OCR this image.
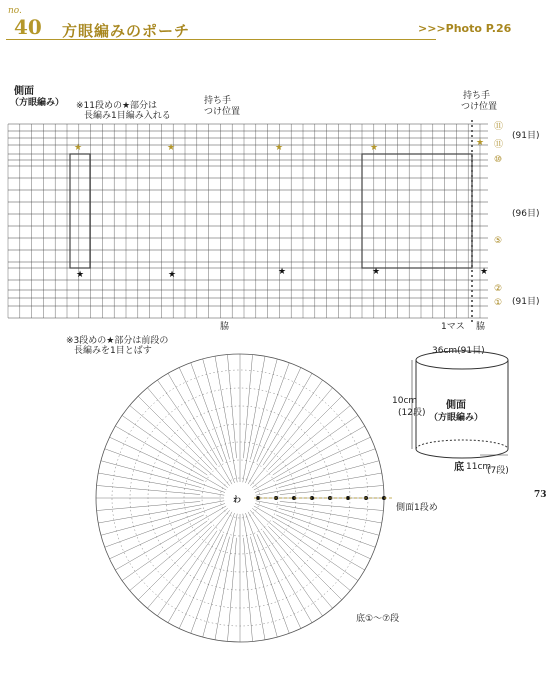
no.
40 方眼編みのポーチ	>>>Photo P.26
★	★	★	★	★
★	★	★	★	★
側面
（方眼編み） ※11段めの★部分は
長編み1目編み入れる
持ち手
つけ位置
持ち手
つけ位置
⑪
⑪
⑩
⑤
②
①
(91目)
(96目)
(91目)
脇	脇
1マス
※3段めの★部分は前段の
長編みを1目とばす
わ
側面1段め
底①〜⑦段
36cm(91目)
10cm
(12段)
側面
（方眼編み）
底 11cm
(7段)
73
